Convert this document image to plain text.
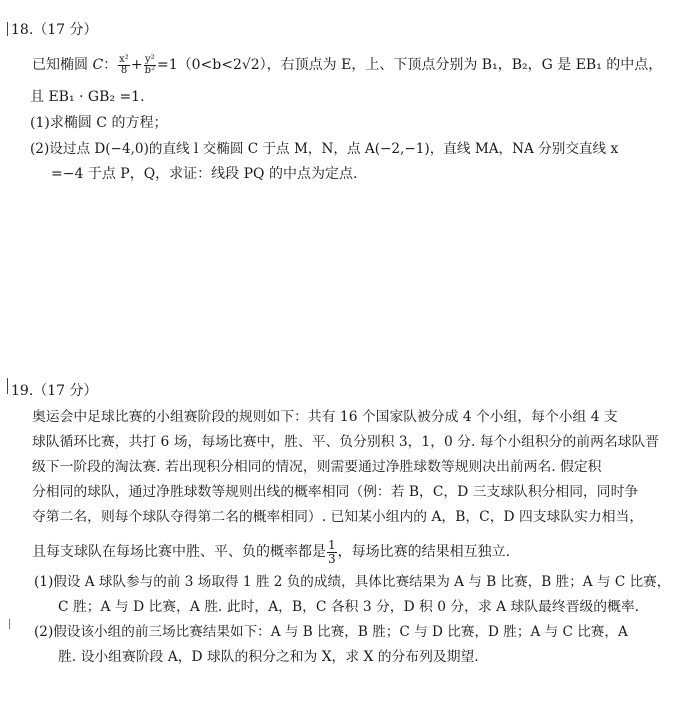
18.（17 分）
已知椭圆 C： $\frac{\text{x²}}{8} + \frac{\text{y²}}{\text{b²}} =1(0<b<2√2)$，右顶点为 E，上、下顶点分别为 B₁，B₂，G 是 EB₁ 的中点，
且 EB₁ · GB₂ =1.
(1)求椭圆 C 的方程；
(2)设过点 D(−4,0)的直线 l 交椭圆 C 于点 M，N，点 A(−2,−1)，直线 MA，NA 分别交直线 x
=−4 于点 P，Q，求证：线段 PQ 的中点为定点.
19.（17 分）
奥运会中足球比赛的小组赛阶段的规则如下：共有 16 个国家队被分成 4 个小组，每个小组 4 支
球队循环比赛，共打 6 场，每场比赛中，胜、平、负分别积 3，1，0 分. 每个小组积分的前两名球队晋
级下一阶段的淘汰赛. 若出现积分相同的情况，则需要通过净胜球数等规则决出前两名. 假定积
分相同的球队，通过净胜球数等规则出线的概率相同（例：若 B，C，D 三支球队积分相同，同时争
夺第二名，则每个球队夺得第二名的概率相同）. 已知某小组内的 A，B，C，D 四支球队实力相当，
且每支球队在每场比赛中胜、平、负的概率都是 $\frac{1}{3}$ ，每场比赛的结果相互独立.
(1)假设 A 球队参与的前 3 场取得 1 胜 2 负的成绩，具体比赛结果为 A 与 B 比赛，B 胜；A 与 C 比赛，
C 胜；A 与 D 比赛，A 胜. 此时，A，B，C 各积 3 分，D 积 0 分，求 A 球队最终晋级的概率.
(2)假设该小组的前三场比赛结果如下：A 与 B 比赛，B 胜；C 与 D 比赛，D 胜；A 与 C 比赛，A
胜. 设小组赛阶段 A，D 球队的积分之和为 X，求 X 的分布列及期望.
